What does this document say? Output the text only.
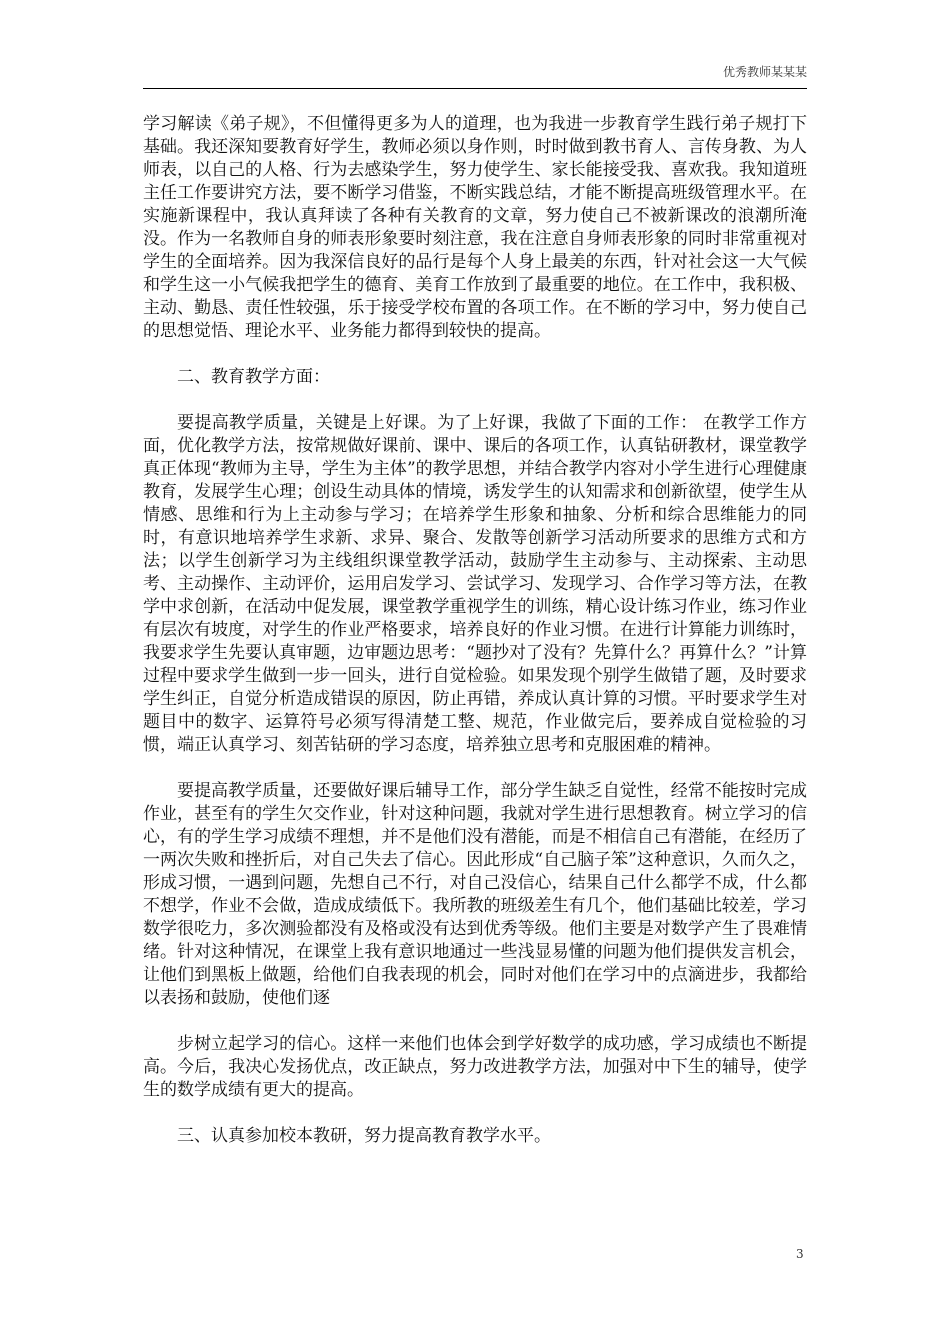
优秀教师某某某

学习解读《弟子规》，不但懂得更多为人的道理，也为我进一步教育学生践行弟子规打下基础。我还深知要教育好学生，教师必须以身作则，时时做到教书育人、言传身教、为人师表，以自己的人格、行为去感染学生，努力使学生、家长能接受我、喜欢我。我知道班主任工作要讲究方法，要不断学习借鉴，不断实践总结，才能不断提高班级管理水平。在实施新课程中，我认真拜读了各种有关教育的文章，努力使自己不被新课改的浪潮所淹没。作为一名教师自身的师表形象要时刻注意，我在注意自身师表形象的同时非常重视对学生的全面培养。因为我深信良好的品行是每个人身上最美的东西，针对社会这一大气候和学生这一小气候我把学生的德育、美育工作放到了最重要的地位。在工作中，我积极、主动、勤恳、责任性较强，乐于接受学校布置的各项工作。在不断的学习中，努力使自己的思想觉悟、理论水平、业务能力都得到较快的提高。

二、教育教学方面：

要提高教学质量，关键是上好课。为了上好课，我做了下面的工作： 在教学工作方面，优化教学方法，按常规做好课前、课中、课后的各项工作，认真钻研教材，课堂教学真正体现“教师为主导，学生为主体”的教学思想，并结合教学内容对小学生进行心理健康教育，发展学生心理；创设生动具体的情境，诱发学生的认知需求和创新欲望，使学生从情感、思维和行为上主动参与学习；在培养学生形象和抽象、分析和综合思维能力的同时，有意识地培养学生求新、求异、聚合、发散等创新学习活动所要求的思维方式和方法；以学生创新学习为主线组织课堂教学活动，鼓励学生主动参与、主动探索、主动思考、主动操作、主动评价，运用启发学习、尝试学习、发现学习、合作学习等方法，在教学中求创新，在活动中促发展，课堂教学重视学生的训练，精心设计练习作业，练习作业有层次有坡度，对学生的作业严格要求，培养良好的作业习惯。在进行计算能力训练时，我要求学生先要认真审题，边审题边思考：“题抄对了没有？先算什么？再算什么？”计算过程中要求学生做到一步一回头，进行自觉检验。如果发现个别学生做错了题，及时要求学生纠正，自觉分析造成错误的原因，防止再错，养成认真计算的习惯。平时要求学生对题目中的数字、运算符号必须写得清楚工整、规范，作业做完后，要养成自觉检验的习惯，端正认真学习、刻苦钻研的学习态度，培养独立思考和克服困难的精神。

要提高教学质量，还要做好课后辅导工作，部分学生缺乏自觉性，经常不能按时完成作业，甚至有的学生欠交作业，针对这种问题，我就对学生进行思想教育。树立学习的信心，有的学生学习成绩不理想，并不是他们没有潜能，而是不相信自己有潜能，在经历了一两次失败和挫折后，对自己失去了信心。因此形成“自己脑子笨”这种意识，久而久之，形成习惯，一遇到问题，先想自己不行，对自己没信心，结果自己什么都学不成，什么都不想学，作业不会做，造成成绩低下。我所教的班级差生有几个，他们基础比较差，学习数学很吃力，多次测验都没有及格或没有达到优秀等级。他们主要是对数学产生了畏难情绪。针对这种情况，在课堂上我有意识地通过一些浅显易懂的问题为他们提供发言机会，让他们到黑板上做题，给他们自我表现的机会，同时对他们在学习中的点滴进步，我都给以表扬和鼓励，使他们逐

步树立起学习的信心。这样一来他们也体会到学好数学的成功感，学习成绩也不断提高。今后，我决心发扬优点，改正缺点，努力改进教学方法，加强对中下生的辅导，使学生的数学成绩有更大的提高。

三、认真参加校本教研，努力提高教育教学水平。

3
